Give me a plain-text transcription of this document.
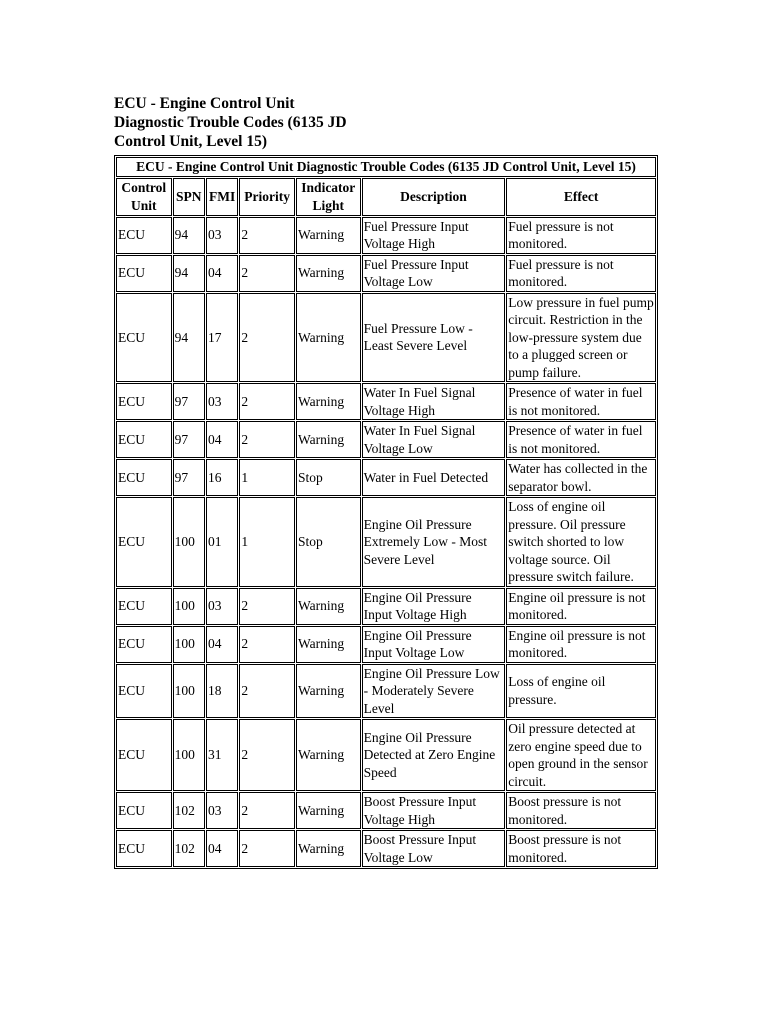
ECU - Engine Control Unit
Diagnostic Trouble Codes (6135 JD
Control Unit, Level 15)
ECU - Engine Control Unit Diagnostic Trouble Codes (6135 JD Control Unit, Level 15)						
Control Unit	SPN	FMI	Priority	Indicator Light	Description	Effect
ECU	94	03	2	Warning	Fuel Pressure Input Voltage High	Fuel pressure is not monitored.
ECU	94	04	2	Warning	Fuel Pressure Input Voltage Low	Fuel pressure is not monitored.
ECU	94	17	2	Warning	Fuel Pressure Low - Least Severe Level	Low pressure in fuel pump circuit. Restriction in the low-pressure system due to a plugged screen or pump failure.
ECU	97	03	2	Warning	Water In Fuel Signal Voltage High	Presence of water in fuel is not monitored.
ECU	97	04	2	Warning	Water In Fuel Signal Voltage Low	Presence of water in fuel is not monitored.
ECU	97	16	1	Stop	Water in Fuel Detected	Water has collected in the separator bowl.
ECU	100	01	1	Stop	Engine Oil Pressure Extremely Low - Most Severe Level	Loss of engine oil pressure. Oil pressure switch shorted to low voltage source. Oil pressure switch failure.
ECU	100	03	2	Warning	Engine Oil Pressure Input Voltage High	Engine oil pressure is not monitored.
ECU	100	04	2	Warning	Engine Oil Pressure Input Voltage Low	Engine oil pressure is not monitored.
ECU	100	18	2	Warning	Engine Oil Pressure Low - Moderately Severe Level	Loss of engine oil pressure.
ECU	100	31	2	Warning	Engine Oil Pressure Detected at Zero Engine Speed	Oil pressure detected at zero engine speed due to open ground in the sensor circuit.
ECU	102	03	2	Warning	Boost Pressure Input Voltage High	Boost pressure is not monitored.
ECU	102	04	2	Warning	Boost Pressure Input Voltage Low	Boost pressure is not monitored.
